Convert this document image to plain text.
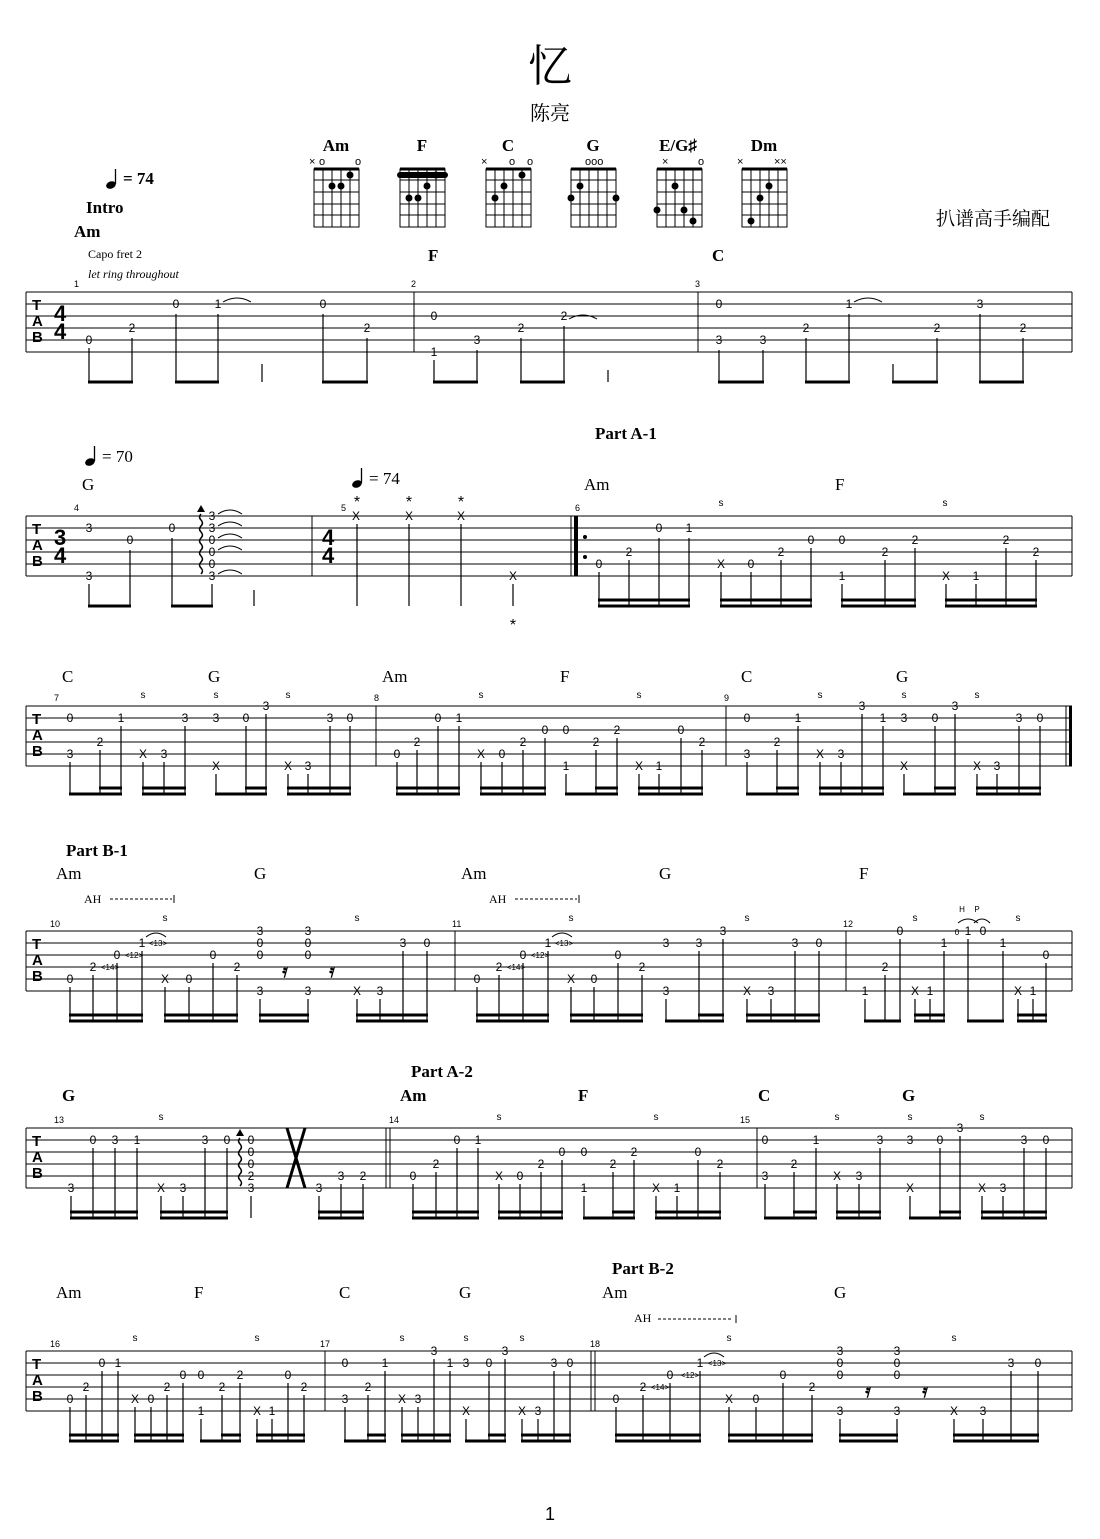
忆
陈亮
扒谱高手编配
Am	F	C	G	E/G♯	Dm
× o	o	× o o	ooo	×	o	×	××
= 74
Intro
Am
Capo fret 2
let ring throughout
F	C
1	2	3
T
A
B
4
4 0
2
0	1	0
2
0
1
3
2
2
0
3	3
2
1
2
3
2
Part A-1
= 70
= 74
G	Am	F
4	5	6
T
A
B
3
4
4
4
3
3
0
0
3
3
0
0
0
3
X	X	X
X
0
2
0 1
X 0
2
0 0
1
2
2
X 1
2
2
*	*	*
*
s	s
C	G	Am	F	C	G
7	8	9
T
A
B
0
3
2
1
X 3
3 3
X
0
3
X 3
3 0
0
2
0 1
X 0
2
0 0
1
2
2
X 1
0
2
0
3
2
1
X 3
3
1 3
X
0
3
X 3
3 0
s	s	s	s	s	s	s	s
Part B-1
Am	G	Am	G	F
AH	AH
10	11	12
T
A
B 0
2
0
1
X 0
0
2
3
0
0
3
3
0
0
3	X 3
3 0
0
2
0
1
X 0
0
2
3
3
3
3
X 3
3 0
1
2
0
X 1
1
1 0
1
X 1
0
<14>
<12>
<13>
<14>
<12>
<13>
0
H P
s	s	s	s	s	s
𝄿 𝄿
Part A-2
G	Am	F	C	G
13	14	15
T
A
B
3
0 3 1
X 3
3 0 0
0
0
2
3	3
3 2	0
2
0 1
X 0
2
0 0
1
2
2
X 1
0
2
0
3
2
1
X 3
3 3
X
0
3
X 3
3 0
s	s	s	s	s	s
Part B-2
Am	F	C	G	Am	G
AH
16	17	18
T
A
B 0
2
0 1
X 0
2
0 0
1
2
2
X 1
0
2
0
3
2
1
X 3
3
1 3
X
0
3
X 3
3 0
0
2
0
1
X 0
0
2
3
0
0
3
3
0
0
3	X 3
3 0
<14>
<12>
<13>
s	s	s	s	s	s	s
𝄿	𝄿
1
